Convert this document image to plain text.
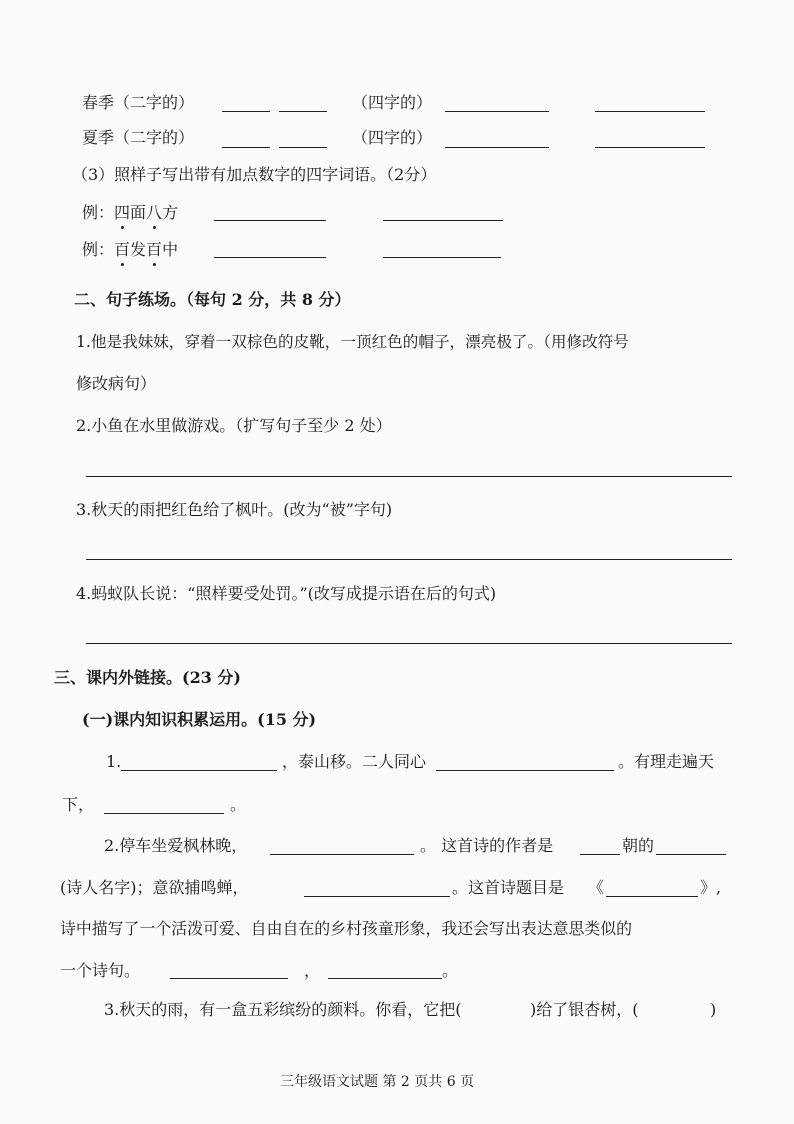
春季（二字的）	（四字的）
夏季（二字的）	（四字的）
（3）照样子写出带有加点数字的四字词语。（2分）
例：四面八方
例：百发百中
二、句子练场。（每句 2 分，共 8 分）
1.他是我妹妹，穿着一双棕色的皮靴，一顶红色的帽子，漂亮极了。（用修改符号
修改病句）
2.小鱼在水里做游戏。（扩写句子至少 2 处）
3.秋天的雨把红色给了枫叶。(改为“被”字句)
4.蚂蚁队长说：“照样要受处罚。”(改写成提示语在后的句式)
三、课内外链接。(23 分)
(一)课内知识积累运用。(15 分)
1.	，泰山移。二人同心	。有理走遍天
下，	。
2.停车坐爱枫林晚，	。 这首诗的作者是	朝的
(诗人名字)；意欲捕鸣蝉，	。这首诗题目是 《	》,
诗中描写了一个活泼可爱、自由自在的乡村孩童形象，我还会写出表达意思类似的
一个诗句。	，	。
3.秋天的雨，有一盒五彩缤纷的颜料。你看，它把(	)给了银杏树，(	)
三年级语文试题 第 2 页共 6 页
